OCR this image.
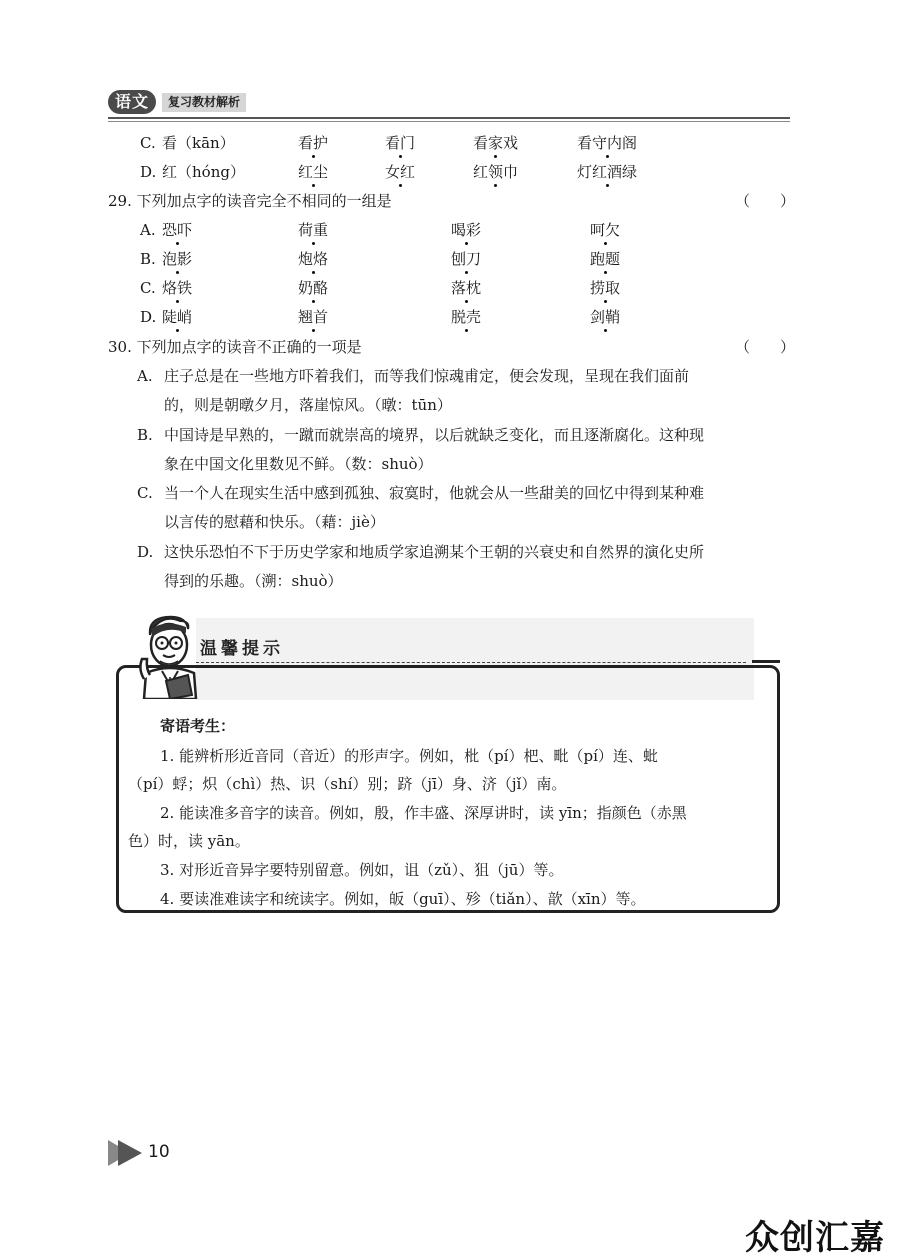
语文	复习教材解析
C. 看（kān）	看护	看门	看家戏	看守内阁
D. 红（hóng）	红尘	女红	红领巾	灯红酒绿
29. 下列加点字的读音完全不相同的一组是	（　　）
A. 恐吓	荷重	喝彩	呵欠
B. 泡影	炮烙	刨刀	跑题
C. 烙铁	奶酪	落枕	捞取
D. 陡峭	翘首	脱壳	剑鞘
30. 下列加点字的读音不正确的一项是	（　　）
A. 庄子总是在一些地方吓着我们，而等我们惊魂甫定，便会发现，呈现在我们面前
的，则是朝暾夕月，落崖惊风。（暾：tūn）
B. 中国诗是早熟的，一蹴而就崇高的境界，以后就缺乏变化，而且逐渐腐化。这种现
象在中国文化里数见不鲜。（数：shuò）
C. 当一个人在现实生活中感到孤独、寂寞时，他就会从一些甜美的回忆中得到某种难
以言传的慰藉和快乐。（藉：jiè）
D. 这快乐恐怕不下于历史学家和地质学家追溯某个王朝的兴衰史和自然界的演化史所
得到的乐趣。（溯：shuò）
温馨提示
寄语考生：
1. 能辨析形近音同（音近）的形声字。例如，枇（pí）杷、毗（pí）连、蚍
（pí）蜉；炽（chì）热、识（shí）别；跻（jī）身、济（jǐ）南。
2. 能读准多音字的读音。例如，殷，作丰盛、深厚讲时，读 yīn；指颜色（赤黑
色）时，读 yān。
3. 对形近音异字要特别留意。例如，诅（zǔ）、狙（jū）等。
4. 要读准难读字和统读字。例如，皈（guī）、殄（tiǎn）、歆（xīn）等。
10
众创汇嘉
